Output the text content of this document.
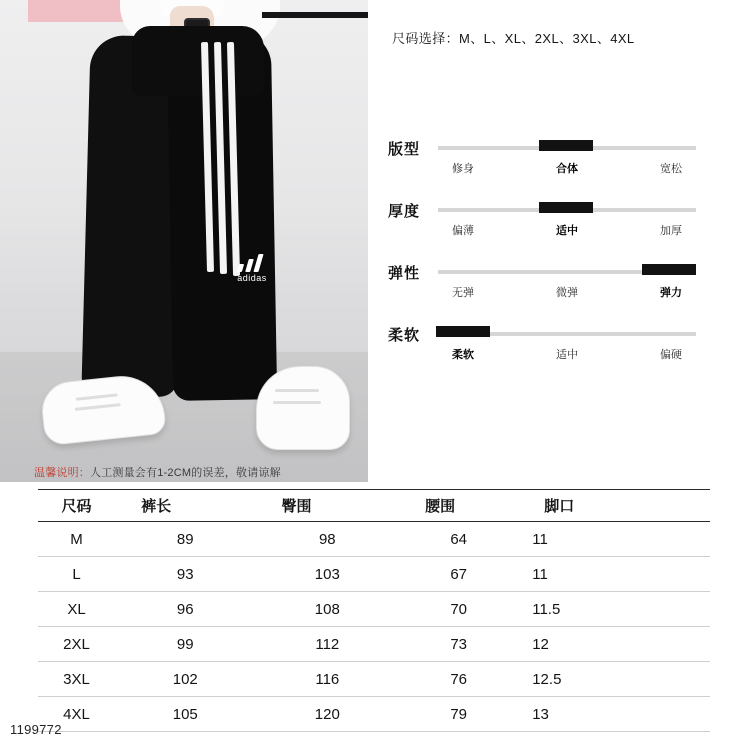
adidas
尺码选择：M、L、XL、2XL、3XL、4XL
版型
修身	合体	宽松
厚度
偏薄	适中	加厚
弹性
无弹	微弹	弹力
柔软
柔软	适中	偏硬
温馨说明：人工测量会有1-2CM的误差，敬请谅解
尺码	裤长	臀围	腰围	脚口
M	89	98	64	11
L	93	103	67	11
XL	96	108	70	11.5
2XL	99	112	73	12
3XL	102	116	76	12.5
4XL	105	120	79	13
1199772
